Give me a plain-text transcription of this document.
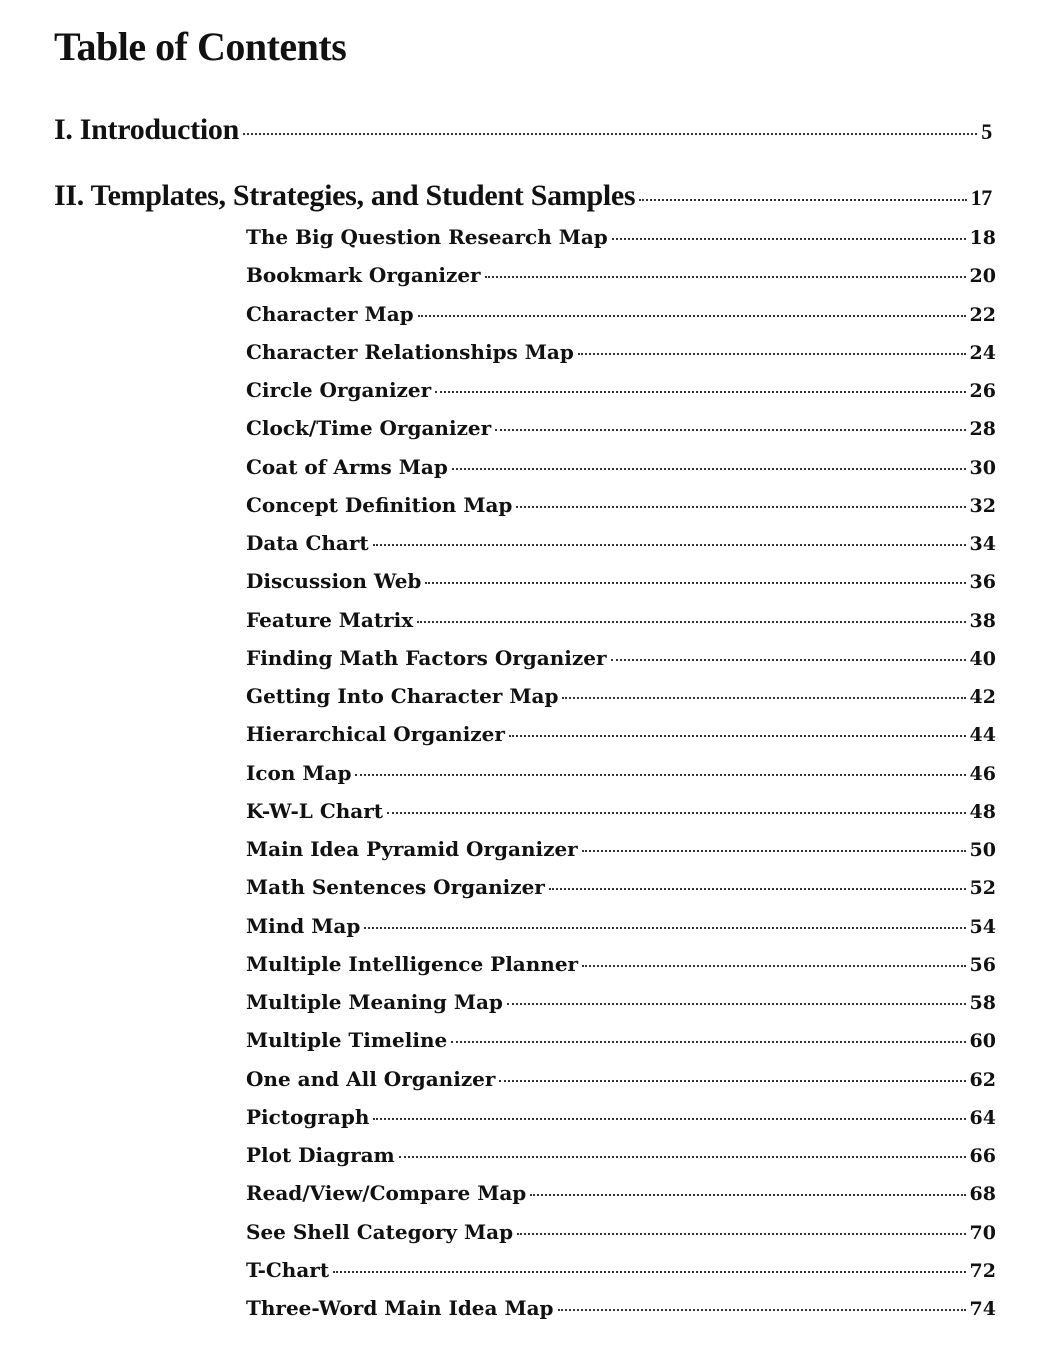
Table of Contents
I. Introduction	5
II. Templates, Strategies, and Student Samples	17
The Big Question Research Map	18
Bookmark Organizer	20
Character Map	22
Character Relationships Map	24
Circle Organizer	26
Clock/Time Organizer	28
Coat of Arms Map	30
Concept Definition Map	32
Data Chart	34
Discussion Web	36
Feature Matrix	38
Finding Math Factors Organizer	40
Getting Into Character Map	42
Hierarchical Organizer	44
Icon Map	46
K-W-L Chart	48
Main Idea Pyramid Organizer	50
Math Sentences Organizer	52
Mind Map	54
Multiple Intelligence Planner	56
Multiple Meaning Map	58
Multiple Timeline	60
One and All Organizer	62
Pictograph	64
Plot Diagram	66
Read/View/Compare Map	68
See Shell Category Map	70
T-Chart	72
Three-Word Main Idea Map	74
